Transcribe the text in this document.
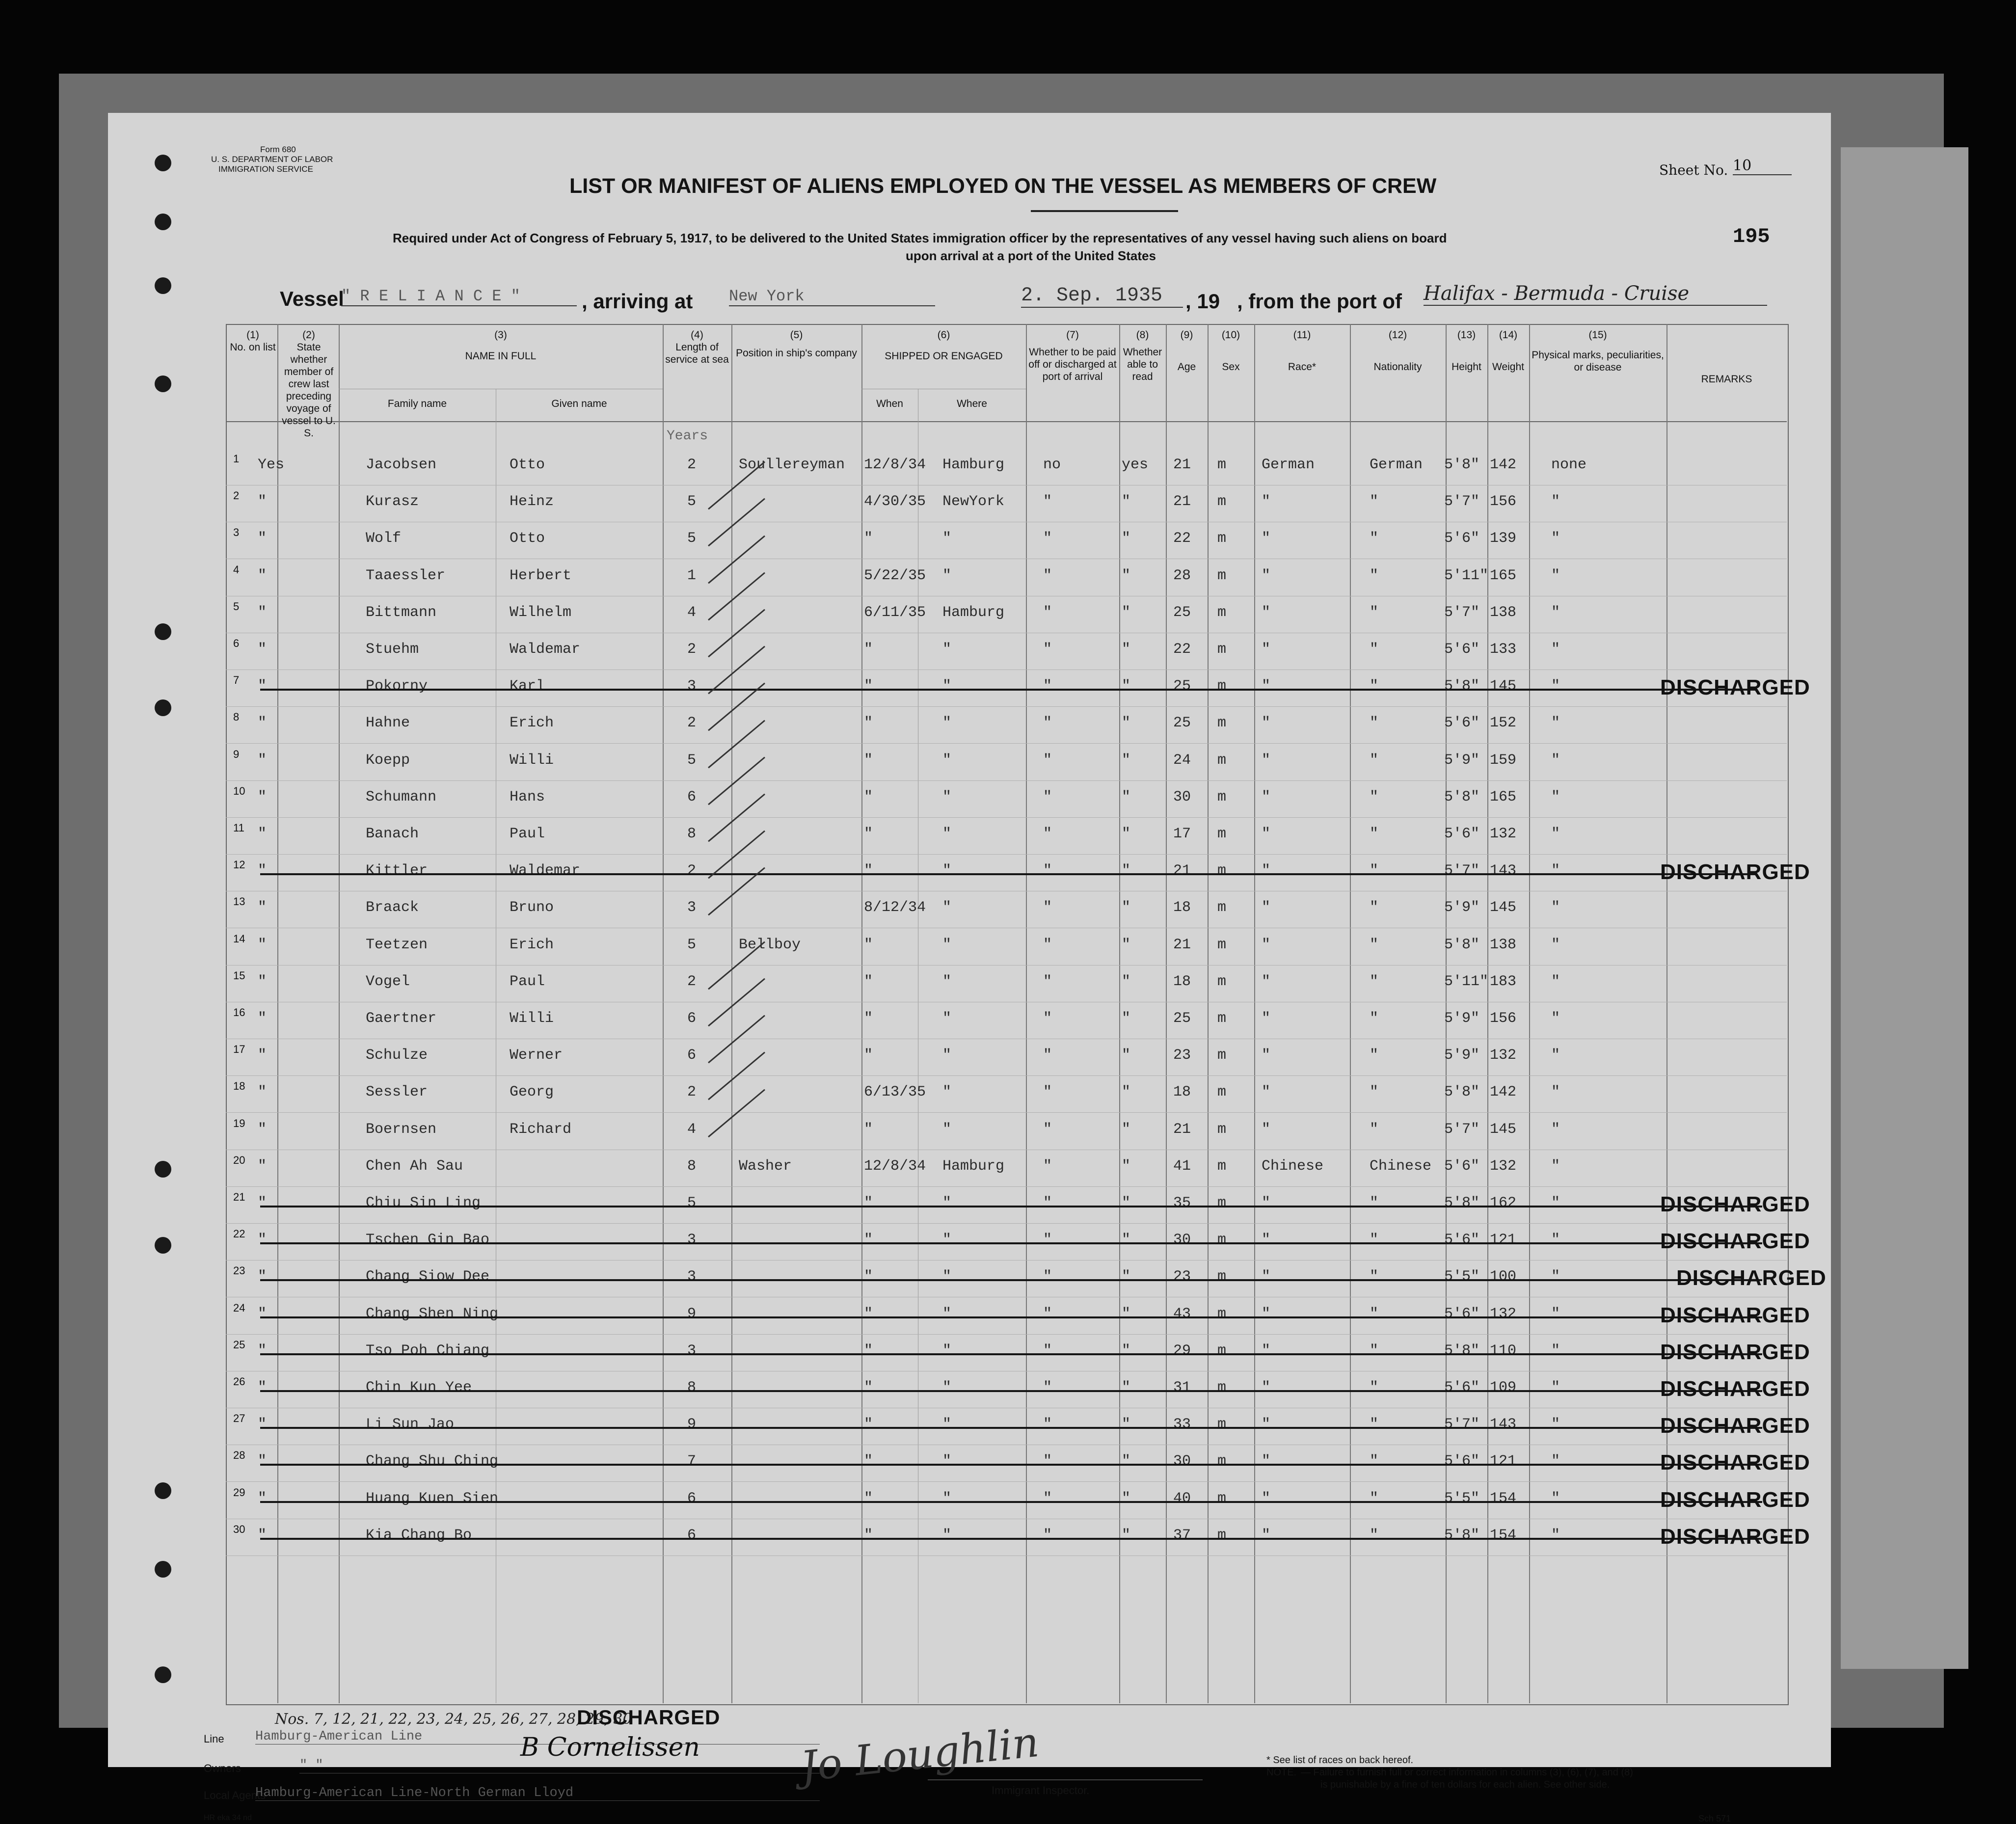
Form 680
U. S. DEPARTMENT OF LABOR
IMMIGRATION SERVICE
LIST OR MANIFEST OF ALIENS EMPLOYED ON THE VESSEL AS MEMBERS OF CREW
Required under Act of Congress of February 5, 1917, to be delivered to the United States immigration officer by the representatives of any vessel having such aliens on board
upon arrival at a port of the United States
Sheet No. 10
195
Vessel
" R E L I A N C E "	, arriving at New York	2. Sep. 1935	, 19 , from the port of Halifax - Bermuda - Cruise
(1)
No. on list
(2)
State whether member of crew last preceding voyage of vessel to U. S.
(3)
NAME IN FULL
Family name	Given name
(4)
Length of service at sea
(5)
Position in ship's company
(6)
SHIPPED OR ENGAGED
When	Where
(7)
Whether to be paid off or discharged at port of arrival
(8)
Whether able to read
(9)
Age
(10)
Sex
(11)
Race*
(12)
Nationality
(13)
Height
(14)
Weight
(15)
Physical marks, peculiarities, or disease
REMARKS
Years
1 Yes	Jacobsen	Otto	2	Soullereyman 12/8/34 Hamburg	no	yes 21 m German	German 5'8" 142 none
2 "	Kurasz	Heinz	5	4/30/35 NewYork	"	"	21 m "	"	5'7" 156 "
3 "	Wolf	Otto	5	"	"	"	"	22 m "	"	5'6" 139 "
4 "	Taaessler	Herbert	1	5/22/35 "	"	"	28 m "	"	5'11" 165 "
5 "	Bittmann	Wilhelm	4	6/11/35 Hamburg	"	"	25 m "	"	5'7" 138 "
6 "	Stuehm	Waldemar	2	"	"	"	"	22 m "	"	5'6" 133 "
7 "	Pokorny	Karl	3	"	"	"	"	25 m "	"	5'8" 145 "	DISCHARGED
8 "	Hahne	Erich	2	"	"	"	"	25 m "	"	5'6" 152 "
9 "	Koepp	Willi	5	"	"	"	"	24 m "	"	5'9" 159 "
10 "	Schumann	Hans	6	"	"	"	"	30 m "	"	5'8" 165 "
11 "	Banach	Paul	8	"	"	"	"	17 m "	"	5'6" 132 "
12 "	Kittler	Waldemar	2	"	"	"	"	21 m "	"	5'7" 143 "	DISCHARGED
13 "	Braack	Bruno	3	8/12/34 "	"	"	18 m "	"	5'9" 145 "
14 "	Teetzen	Erich	5	Bellboy	"	"	"	"	21 m "	"	5'8" 138 "
15 "	Vogel	Paul	2	"	"	"	"	18 m "	"	5'11" 183 "
16 "	Gaertner	Willi	6	"	"	"	"	25 m "	"	5'9" 156 "
17 "	Schulze	Werner	6	"	"	"	"	23 m "	"	5'9" 132 "
18 "	Sessler	Georg	2	6/13/35 "	"	"	18 m "	"	5'8" 142 "
19 "	Boernsen	Richard	4	"	"	"	"	21 m "	"	5'7" 145 "
20 "	Chen Ah Sau	8	Washer	12/8/34 Hamburg	"	"	41 m Chinese	Chinese 5'6" 132 "
21 "	Chiu Sin Ling	5	"	"	"	"	35 m "	"	5'8" 162 "	DISCHARGED
22 "	Tschen Gin Bao	3	"	"	"	"	30 m "	"	5'6" 121 "	DISCHARGED
23 "	Chang Siow Dee	3	"	"	"	"	23 m "	"	5'5" 100 "	DISCHARGED
24 "	Chang Shen Ning	9	"	"	"	"	43 m "	"	5'6" 132 "	DISCHARGED
25 "	Tso Poh Chiang	3	"	"	"	"	29 m "	"	5'8" 110 "	DISCHARGED
26 "	Chin Kun Yee	8	"	"	"	"	31 m "	"	5'6" 109 "	DISCHARGED
27 "	Li Sun Jao	9	"	"	"	"	33 m "	"	5'7" 143 "	DISCHARGED
28 "	Chang Shu Ching	7	"	"	"	"	30 m "	"	5'6" 121 "	DISCHARGED
29 "	Huang Kuen Sien	6	"	"	"	"	40 m "	"	5'5" 154 "	DISCHARGED
30 "	Kia Chang Bo	6	"	"	"	"	37 m "	"	5'8" 154 "	DISCHARGED
Nos. 7, 12, 21, 22, 23, 24, 25, 26, 27, 28, 29, 30
DISCHARGED
Line Hamburg-American Line
Owners	" "
Local Agents
Hamburg-American Line-North German Lloyd
B Cornelissen Jo Loughlin
Immigrant Inspector.
* See list of races on back hereof.
NOTE. — Failure to furnish full or correct information in columns (3), (6), (7), and (8)
is punishable by a fine of ten dollars for each alien. See other side.
HR eka 34 nd	Sch 571
